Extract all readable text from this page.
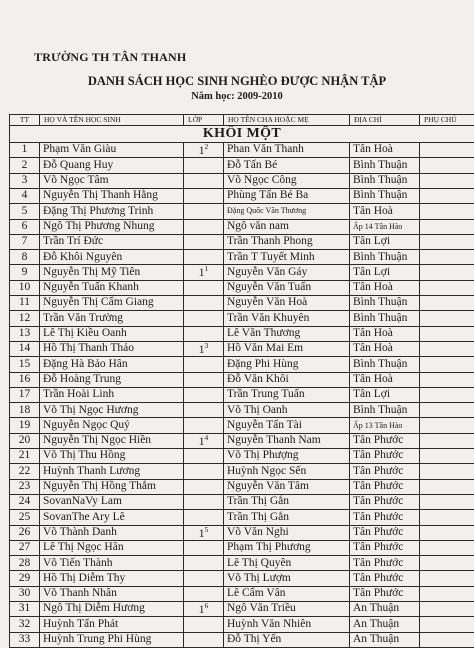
TRƯỜNG TH TÂN THANH
DANH SÁCH HỌC SINH NGHÈO ĐƯỢC NHẬN TẬP
Năm học: 2009-2010
TT	HỌ VÀ TÊN HỌC SINH	LỚP	HỌ TÊN CHA HOẶC MẸ	ĐỊA CHỈ	PHỤ CHÚ
KHỐI MỘT					
1	Phạm Văn Giàu	$1^2$	Phan Văn Thanh	Tân Hoà	
2	Đỗ Quang Huy		Đỗ Tấn Bé	Bình Thuận	
3	Võ Ngọc Tâm		Võ Ngọc Công	Bình Thuận	
4	Nguyễn Thị Thanh Hằng		Phùng Tấn Bé Ba	Bình Thuận	
5	Đặng Thị Phương Trinh		Đặng Quốc Văn Thương	Tân Hoà	
6	Ngô Thị Phương Nhung		Ngô văn nam	Ấp 14 Tân Hào	
7	Trần Trí Đức		Trần Thanh Phong	Tân Lợi	
8	Đỗ Khôi Nguyên		Trần T Tuyết Minh	Bình Thuận	
9	Nguyễn Thị Mỹ Tiên	$1^1$	Nguyễn Văn Gáy	Tân Lợi	
10	Nguyễn Tuấn Khanh		Nguyễn Văn Tuấn	Tân Hoà	
11	Nguyễn Thị Cẩm Giang		Nguyễn Văn Hoà	Bình Thuận	
12	Trần Văn Trường		Trần Văn Khuyên	Bình Thuận	
13	Lê Thị Kiều Oanh		Lê Văn Thương	Tân Hoà	
14	Hồ Thị Thanh Thảo	$1^3$	Hồ Văn Mai Em	Tân Hoà	
15	Đặng Hà Bảo Hân		Đặng Phi Hùng	Bình Thuận	
16	Đỗ Hoàng Trung		Đỗ Văn Khôi	Tân Hoà	
17	Trần Hoài Linh		Trần Trung Tuấn	Tân Lợi	
18	Võ Thị Ngọc Hương		Võ Thị Oanh	Bình Thuận	
19	Nguyễn Ngọc Quý		Nguyễn Tấn Tài	Ấp 13 Tân Hào	
20	Nguyễn Thị Ngọc Hiền	$1^4$	Nguyễn Thanh Nam	Tân Phước	
21	Võ Thị Thu Hồng		Võ Thị Phượng	Tân Phước	
22	Huỳnh Thanh Lương		Huỳnh Ngọc Sến	Tân Phước	
23	Nguyễn Thị Hồng Thắm		Nguyễn Văn Tâm	Tân Phước	
24	SovanNaVy Lam		Trần Thị Gắn	Tân Phước	
25	SovanThe Ary Lê		Trần Thị Gắn	Tân Phước	
26	Võ Thành Danh	$1^5$	Võ Văn Nghi	Tân Phước	
27	Lê Thị Ngọc Hân		Phạm Thị Phương	Tân Phước	
28	Võ Tiến Thành		Lê Thị Quyên	Tân Phước	
29	Hồ Thị Diễm Thy		Võ Thị Lượm	Tân Phước	
30	Võ Thanh Nhân		Lê Cẩm Vân	Tân Phước	
31	Ngô Thị Diễm Hương	$1^6$	Ngô Văn Triều	An Thuận	
32	Huỳnh Tấn Phát		Huỳnh Văn Nhiên	An Thuận	
33	Huỳnh Trung Phi Hùng		Đỗ Thị Yến	An Thuận	
